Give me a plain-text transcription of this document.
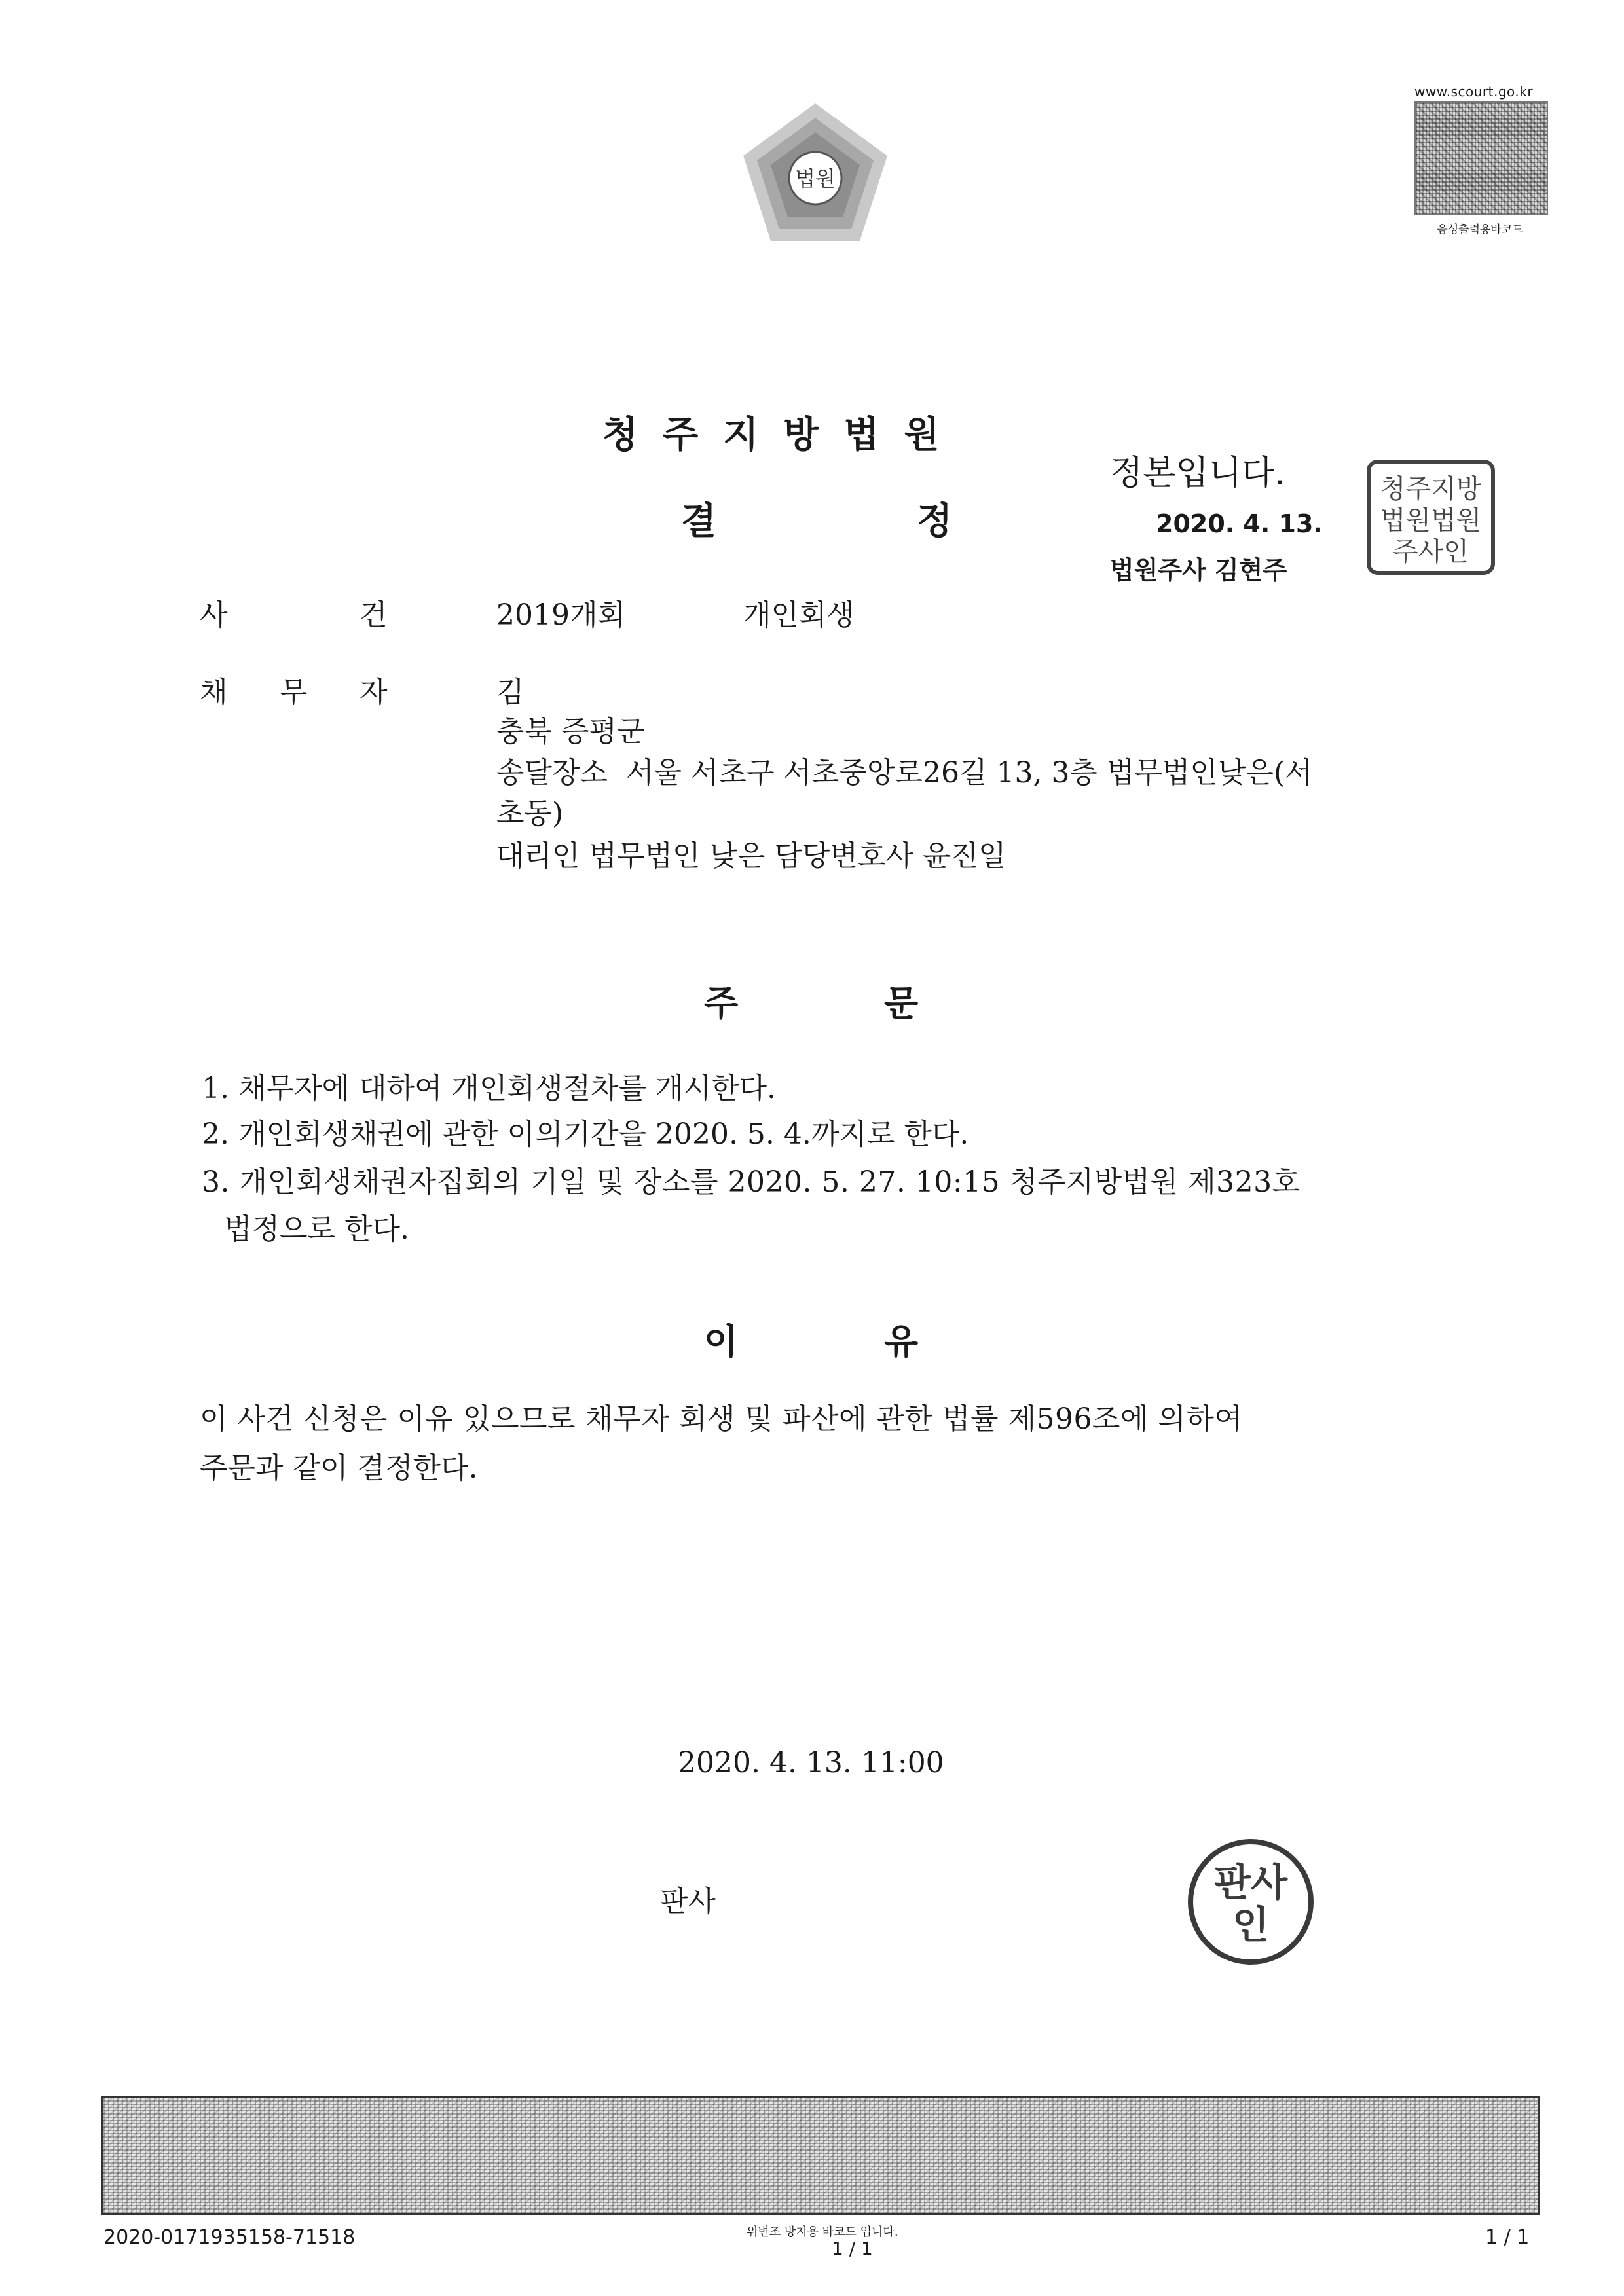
법원
www.scourt.go.kr
음성출력용바코드
청주지방법원
결	정
정본입니다.
2020. 4. 13.
법원주사 김현주
청주지방
법원법원
주사인
사	건	2019개회	개인회생
채 무 자	김
충북 증평군
송달장소  서울 서초구 서초중앙로26길 13, 3층 법무법인낮은(서
초동)
대리인 법무법인 낮은 담당변호사 윤진일
주	문
1. 채무자에 대하여 개인회생절차를 개시한다.
2. 개인회생채권에 관한 이의기간을 2020. 5. 4.까지로 한다.
3. 개인회생채권자집회의 기일 및 장소를 2020. 5. 27. 10:15 청주지방법원 제323호
법정으로 한다.
이	유
이 사건 신청은 이유 있으므로 채무자 회생 및 파산에 관한 법률 제596조에 의하여
주문과 같이 결정한다.
2020. 4. 13. 11:00
판사	판사
인
2020-0171935158-71518	위변조 방지용 바코드 입니다.
1 / 1	1 / 1
